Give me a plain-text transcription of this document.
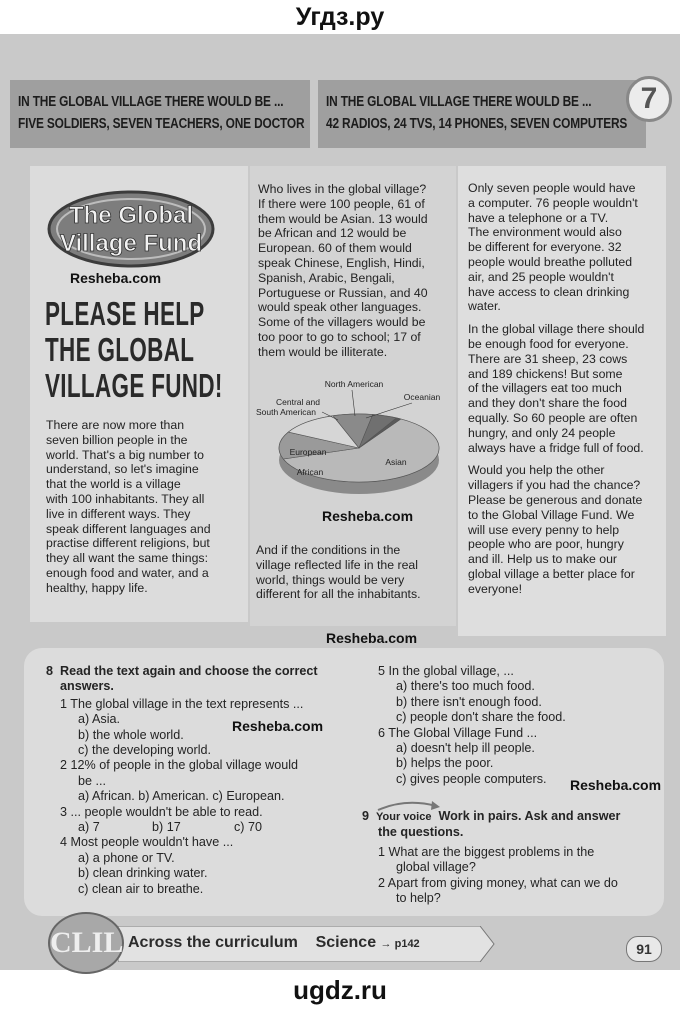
Угдз.ру
IN THE GLOBAL VILLAGE THERE WOULD BE ...
FIVE SOLDIERS, SEVEN TEACHERS, ONE DOCTOR
IN THE GLOBAL VILLAGE THERE WOULD BE ...
42 RADIOS, 24 TVS, 14 PHONES, SEVEN COMPUTERS
7
The Global
Village Fund
Resheba.com
PLEASE HELP
THE GLOBAL
VILLAGE FUND!
There are now more than
seven billion people in the
world. That's a big number to
understand, so let's imagine
that the world is a village
with 100 inhabitants. They all
live in different ways. They
speak different languages and
practise different religions, but
they all want the same things:
enough food and water, and a
healthy, happy life.
Who lives in the global village?
If there were 100 people, 61 of
them would be Asian. 13 would
be African and 12 would be
European. 60 of them would
speak Chinese, English, Hindi,
Spanish, Arabic, Bengali,
Portuguese or Russian, and 40
would speak other languages.
Some of the villagers would be
too poor to go to school; 17 of
them would be illiterate.
North American
Oceanian
Central and
South American
European
African
Asian
Resheba.com
And if the conditions in the
village reflected life in the real
world, things would be very
different for all the inhabitants.
Only seven people would have
a computer. 76 people wouldn't
have a telephone or a TV.
The environment would also
be different for everyone. 32
people would breathe polluted
air, and 25 people wouldn't
have access to clean drinking
water.
In the global village there should
be enough food for everyone.
There are 31 sheep, 23 cows
and 189 chickens! But some
of the villagers eat too much
and they don't share the food
equally. So 60 people are often
hungry, and only 24 people
always have a fridge full of food.
Would you help the other
villagers if you had the chance?
Please be generous and donate
to the Global Village Fund. We
will use every penny to help
people who are poor, hungry
and ill. Help us to make our
global village a better place for
everyone!
Resheba.com
8 Read the text again and choose the correct
answers.
1 The global village in the text represents ...
a) Asia.
b) the whole world.
c) the developing world.
2 12% of people in the global village would
be ...
a) African. b) American. c) European.
3 ... people wouldn't be able to read.
a) 7	b) 17	c) 70
4 Most people wouldn't have ...
a) a phone or TV.
b) clean drinking water.
c) clean air to breathe.
Resheba.com
5 In the global village, ...
a) there's too much food.
b) there isn't enough food.
c) people don't share the food.
6 The Global Village Fund ...
a) doesn't help ill people.
b) helps the poor.
c) gives people computers.	Resheba.com
9 Your voice Work in pairs. Ask and answer
the questions.
1 What are the biggest problems in the
global village?
2 Apart from giving money, what can we do
to help?
CLIL Across the curriculum Science → p142	91
ugdz.ru
